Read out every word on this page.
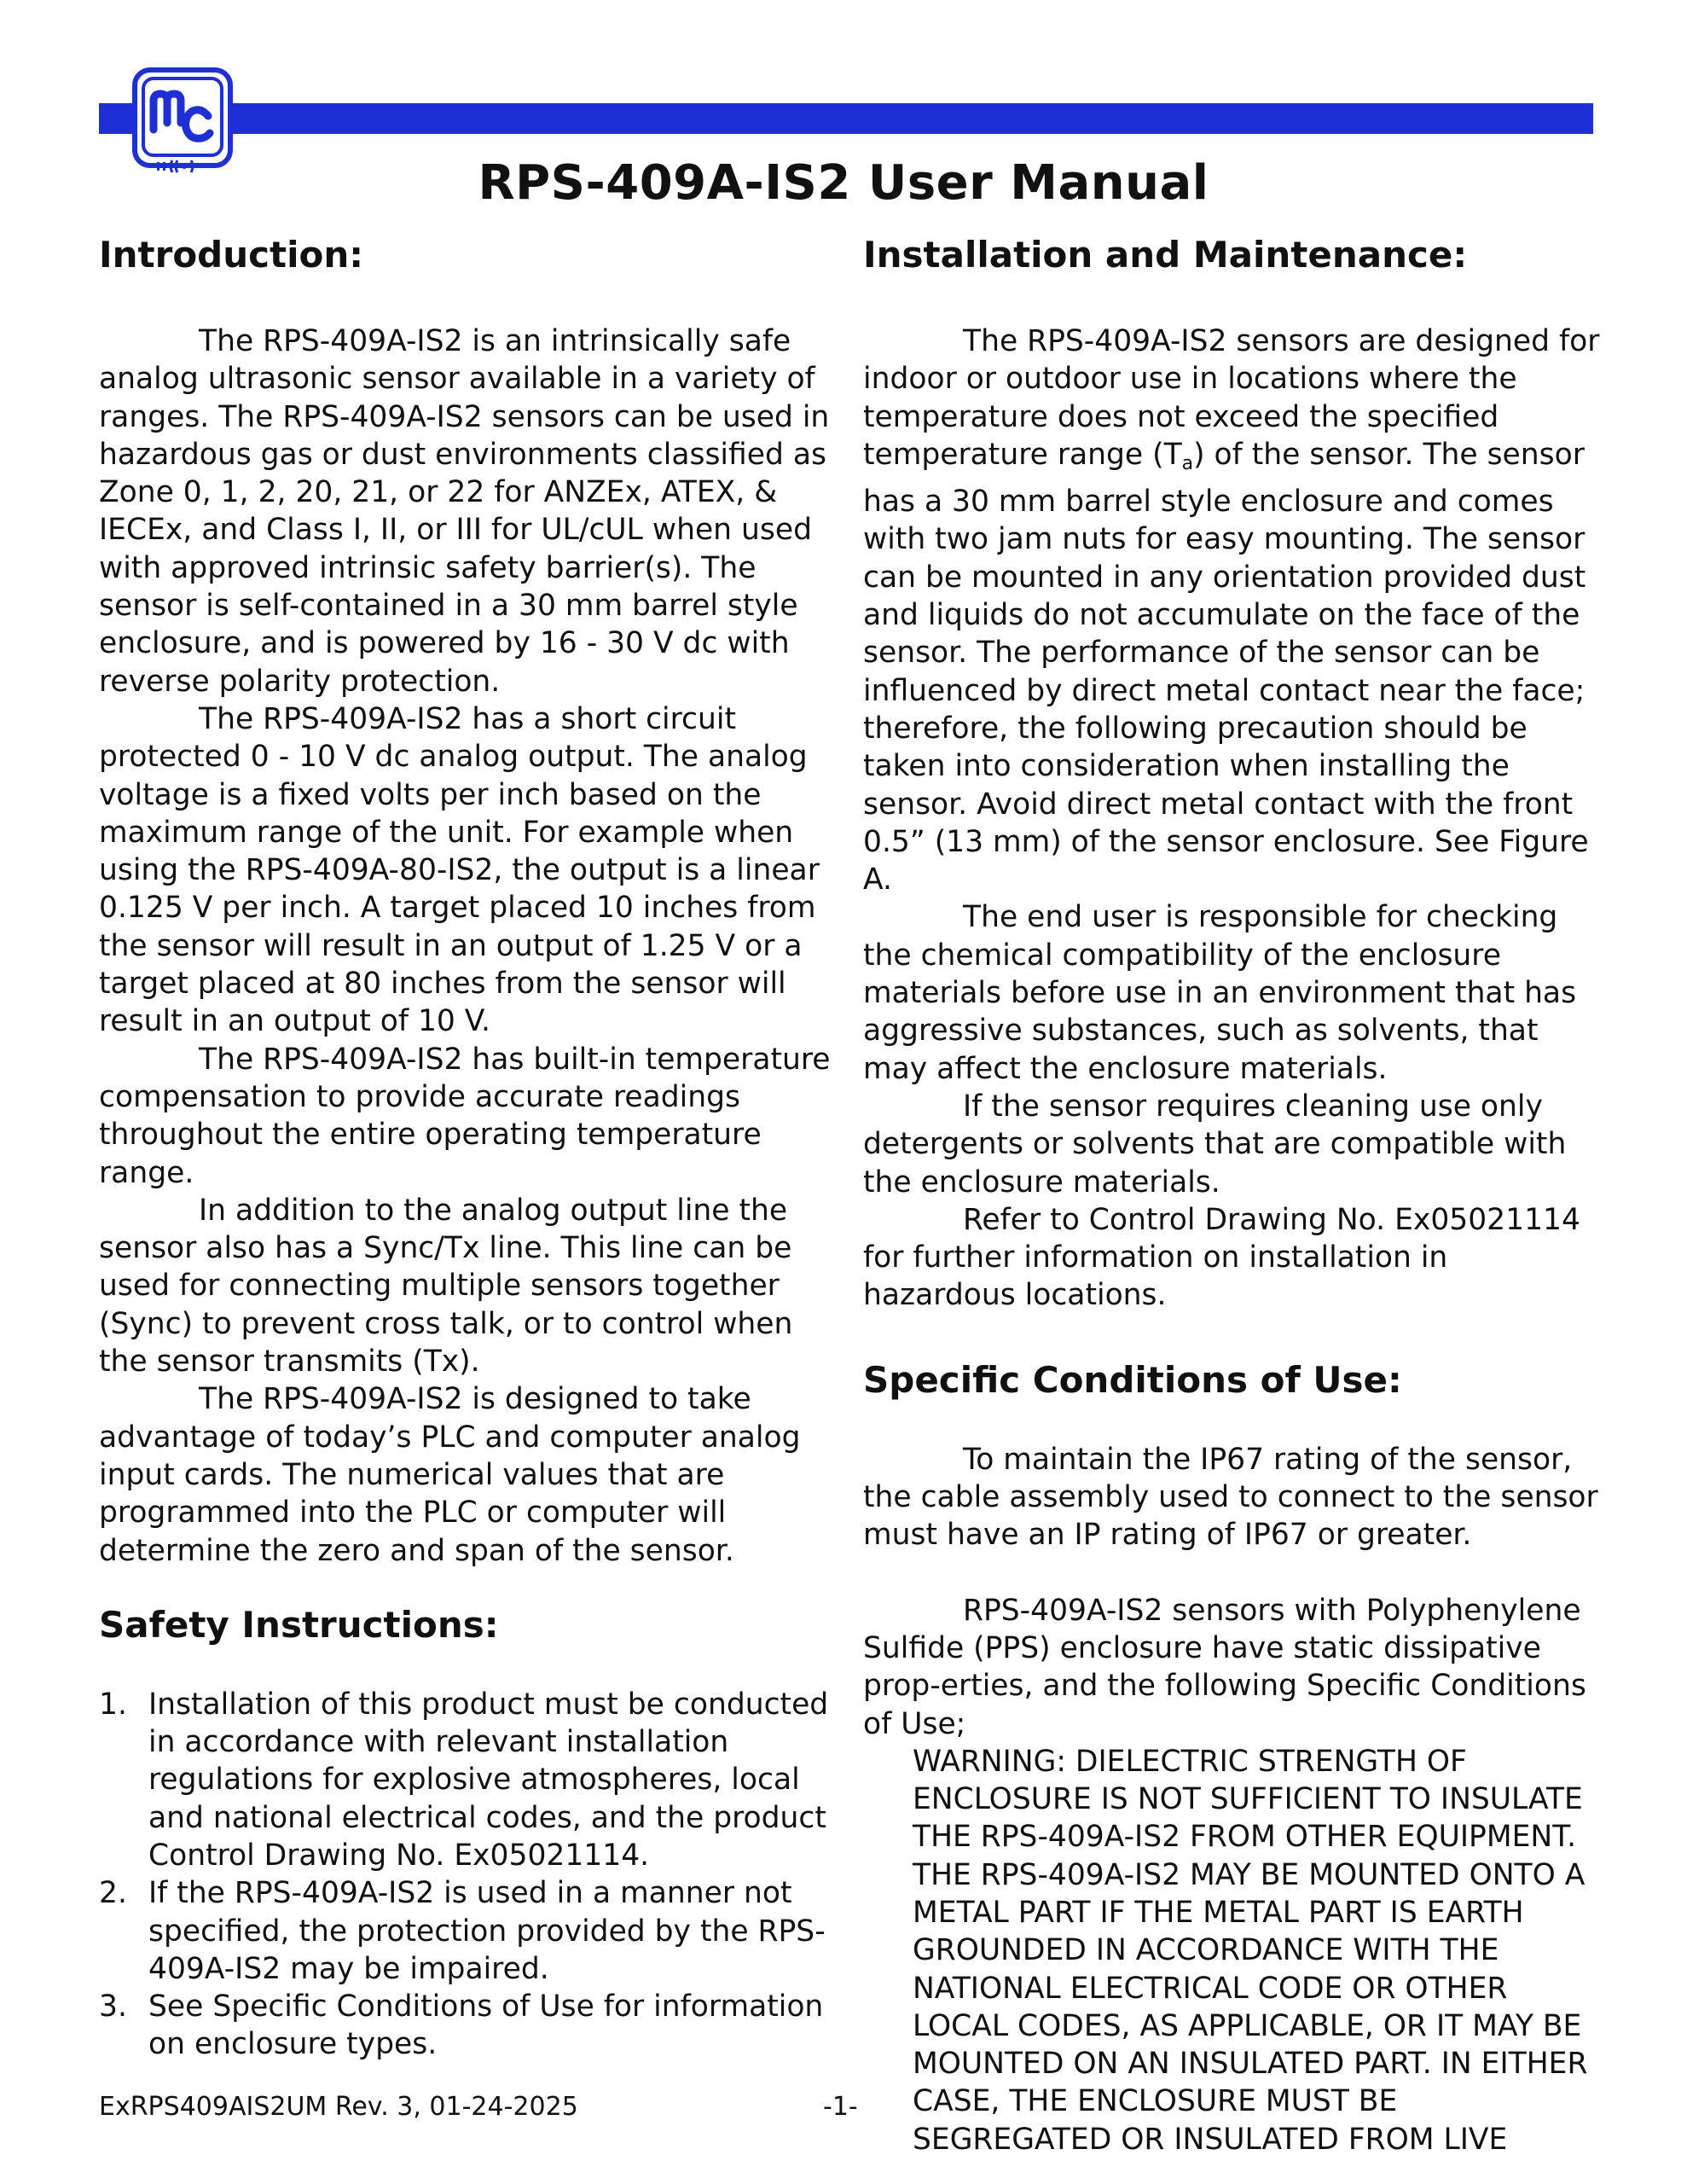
RPS-409A-IS2 User Manual
Introduction:

The RPS-409A-IS2 is an intrinsically safe analog ultrasonic sensor available in a variety of ranges. The RPS-409A-IS2 sensors can be used in hazardous gas or dust environments classified as Zone 0, 1, 2, 20, 21, or 22 for ANZEx, ATEX, & IECEx, and Class I, II, or III for UL/cUL when used with approved intrinsic safety barrier(s). The sensor is self-contained in a 30 mm barrel style enclosure, and is powered by 16 - 30 V dc with reverse polarity protection.

The RPS-409A-IS2 has a short circuit protected 0 - 10 V dc analog output. The analog voltage is a fixed volts per inch based on the maximum range of the unit. For example when using the RPS-409A-80-IS2, the output is a linear 0.125 V per inch. A target placed 10 inches from the sensor will result in an output of 1.25 V or a target placed at 80 inches from the sensor will result in an output of 10 V.

The RPS-409A-IS2 has built-in temperature compensation to provide accurate readings throughout the entire operating temperature range.

In addition to the analog output line the sensor also has a Sync/Tx line. This line can be used for connecting multiple sensors together (Sync) to prevent cross talk, or to control when the sensor transmits (Tx).

The RPS-409A-IS2 is designed to take advantage of today’s PLC and computer analog input cards. The numerical values that are programmed into the PLC or computer will determine the zero and span of the sensor.

Safety Instructions:
1. Installation of this product must be conducted in accordance with relevant installation regulations for explosive atmospheres, local and national electrical codes, and the product Control Drawing No. Ex05021114.
2. If the RPS-409A-IS2 is used in a manner not specified, the protection provided by the RPS-409A-IS2 may be impaired.
3. See Specific Conditions of Use for information on enclosure types.
Installation and Maintenance:

The RPS-409A-IS2 sensors are designed for indoor or outdoor use in locations where the temperature does not exceed the specified temperature range $(T_a)$ of the sensor. The sensor has a 30 mm barrel style enclosure and comes with two jam nuts for easy mounting. The sensor can be mounted in any orientation provided dust and liquids do not accumulate on the face of the sensor. The performance of the sensor can be influenced by direct metal contact near the face; therefore, the following precaution should be taken into consideration when installing the sensor. Avoid direct metal contact with the front 0.5” (13 mm) of the sensor enclosure. See Figure A.

The end user is responsible for checking the chemical compatibility of the enclosure materials before use in an environment that has aggressive substances, such as solvents, that may affect the enclosure materials.

If the sensor requires cleaning use only detergents or solvents that are compatible with the enclosure materials.

Refer to Control Drawing No. Ex05021114 for further information on installation in hazardous locations.

Specific Conditions of Use:

To maintain the IP67 rating of the sensor, the cable assembly used to connect to the sensor must have an IP rating of IP67 or greater.

RPS-409A-IS2 sensors with Polyphenylene Sulfide (PPS) enclosure have static dissipative prop-erties, and the following Specific Conditions of Use;

WARNING: DIELECTRIC STRENGTH OF ENCLOSURE IS NOT SUFFICIENT TO INSULATE THE RPS-409A-IS2 FROM OTHER EQUIPMENT. THE RPS-409A-IS2 MAY BE MOUNTED ONTO A METAL PART IF THE METAL PART IS EARTH GROUNDED IN ACCORDANCE WITH THE NATIONAL ELECTRICAL CODE OR OTHER LOCAL CODES, AS APPLICABLE, OR IT MAY BE MOUNTED ON AN INSULATED PART. IN EITHER CASE, THE ENCLOSURE MUST BE SEGREGATED OR INSULATED FROM LIVE
ExRPS409AIS2UM Rev. 3, 01-24-2025	-1-
